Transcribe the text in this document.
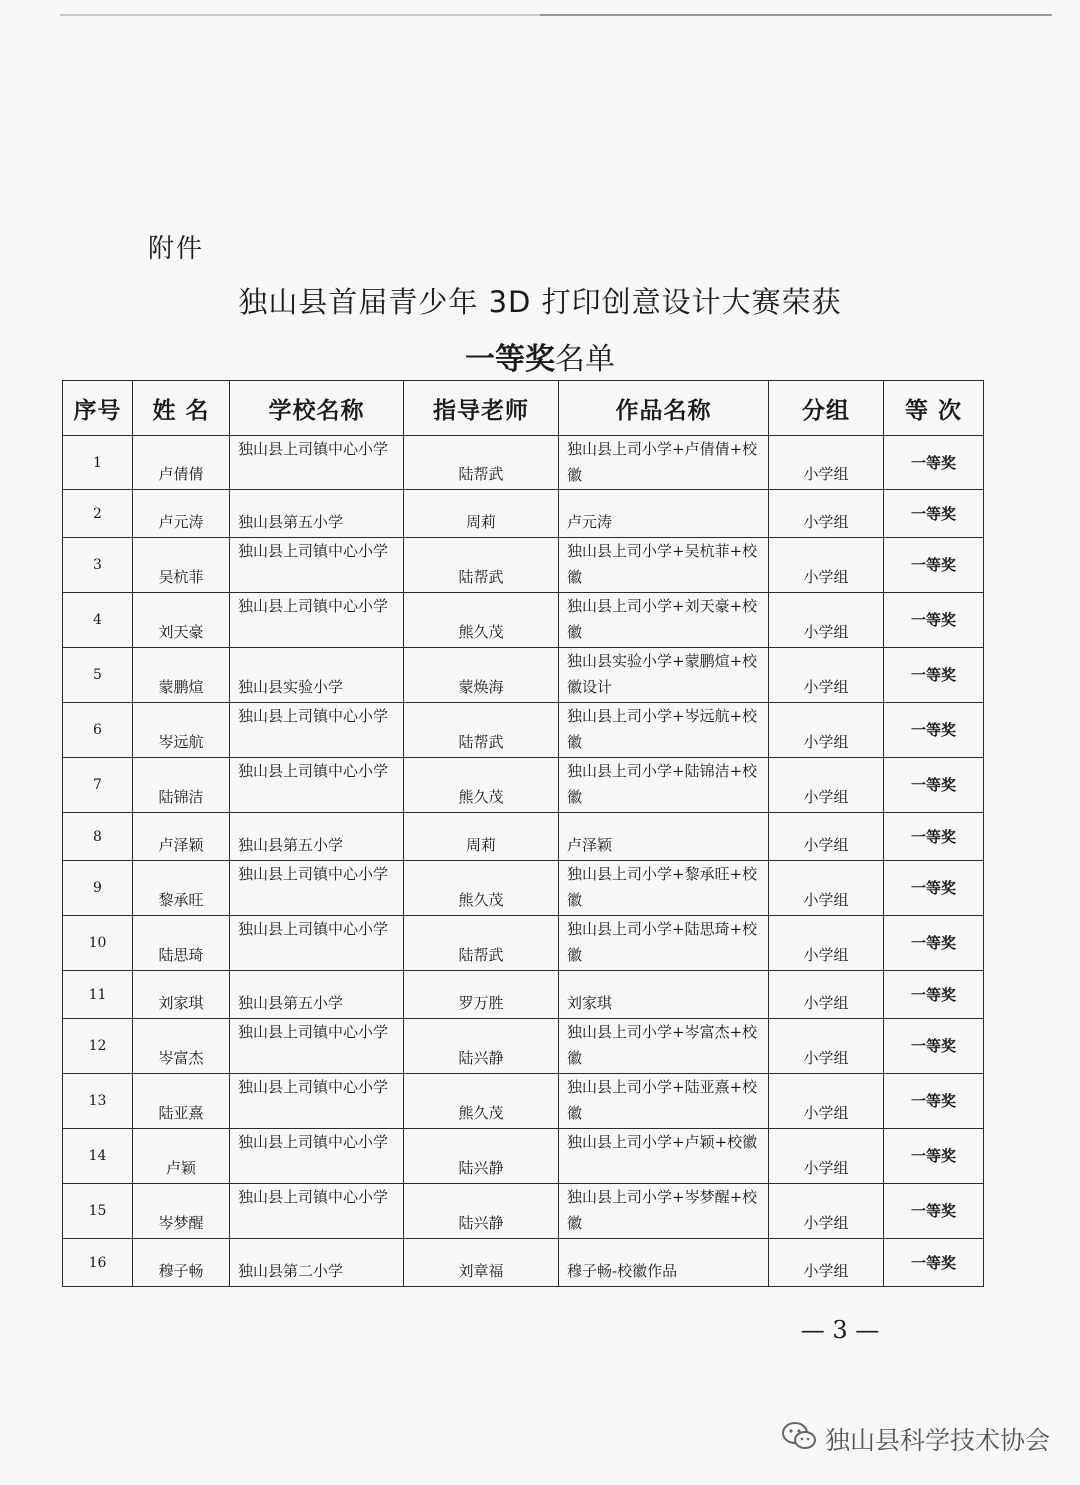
附件
独山县首届青少年 3D 打印创意设计大赛荣获
一等奖名单
序号	姓 名	学校名称	指导老师	作品名称	分组	等 次
1	卢倩倩	独山县上司镇中心小学	陆帮武	独山县上司小学+卢倩倩+校徽	小学组	一等奖
2	卢元涛	独山县第五小学	周莉	卢元涛	小学组	一等奖
3	吴杭菲	独山县上司镇中心小学	陆帮武	独山县上司小学+吴杭菲+校徽	小学组	一等奖
4	刘天豪	独山县上司镇中心小学	熊久茂	独山县上司小学+刘天豪+校徽	小学组	一等奖
5	蒙鹏煊	独山县实验小学	蒙焕海	独山县实验小学+蒙鹏煊+校徽设计	小学组	一等奖
6	岑远航	独山县上司镇中心小学	陆帮武	独山县上司小学+岑远航+校徽	小学组	一等奖
7	陆锦洁	独山县上司镇中心小学	熊久茂	独山县上司小学+陆锦洁+校徽	小学组	一等奖
8	卢泽颖	独山县第五小学	周莉	卢泽颖	小学组	一等奖
9	黎承旺	独山县上司镇中心小学	熊久茂	独山县上司小学+黎承旺+校徽	小学组	一等奖
10	陆思琦	独山县上司镇中心小学	陆帮武	独山县上司小学+陆思琦+校徽	小学组	一等奖
11	刘家琪	独山县第五小学	罗万胜	刘家琪	小学组	一等奖
12	岑富杰	独山县上司镇中心小学	陆兴静	独山县上司小学+岑富杰+校徽	小学组	一等奖
13	陆亚熹	独山县上司镇中心小学	熊久茂	独山县上司小学+陆亚熹+校徽	小学组	一等奖
14	卢颖	独山县上司镇中心小学	陆兴静	独山县上司小学+卢颖+校徽	小学组	一等奖
15	岑梦醒	独山县上司镇中心小学	陆兴静	独山县上司小学+岑梦醒+校徽	小学组	一等奖
16	穆子畅	独山县第二小学	刘章福	穆子畅-校徽作品	小学组	一等奖
— 3 —
独山县科学技术协会
